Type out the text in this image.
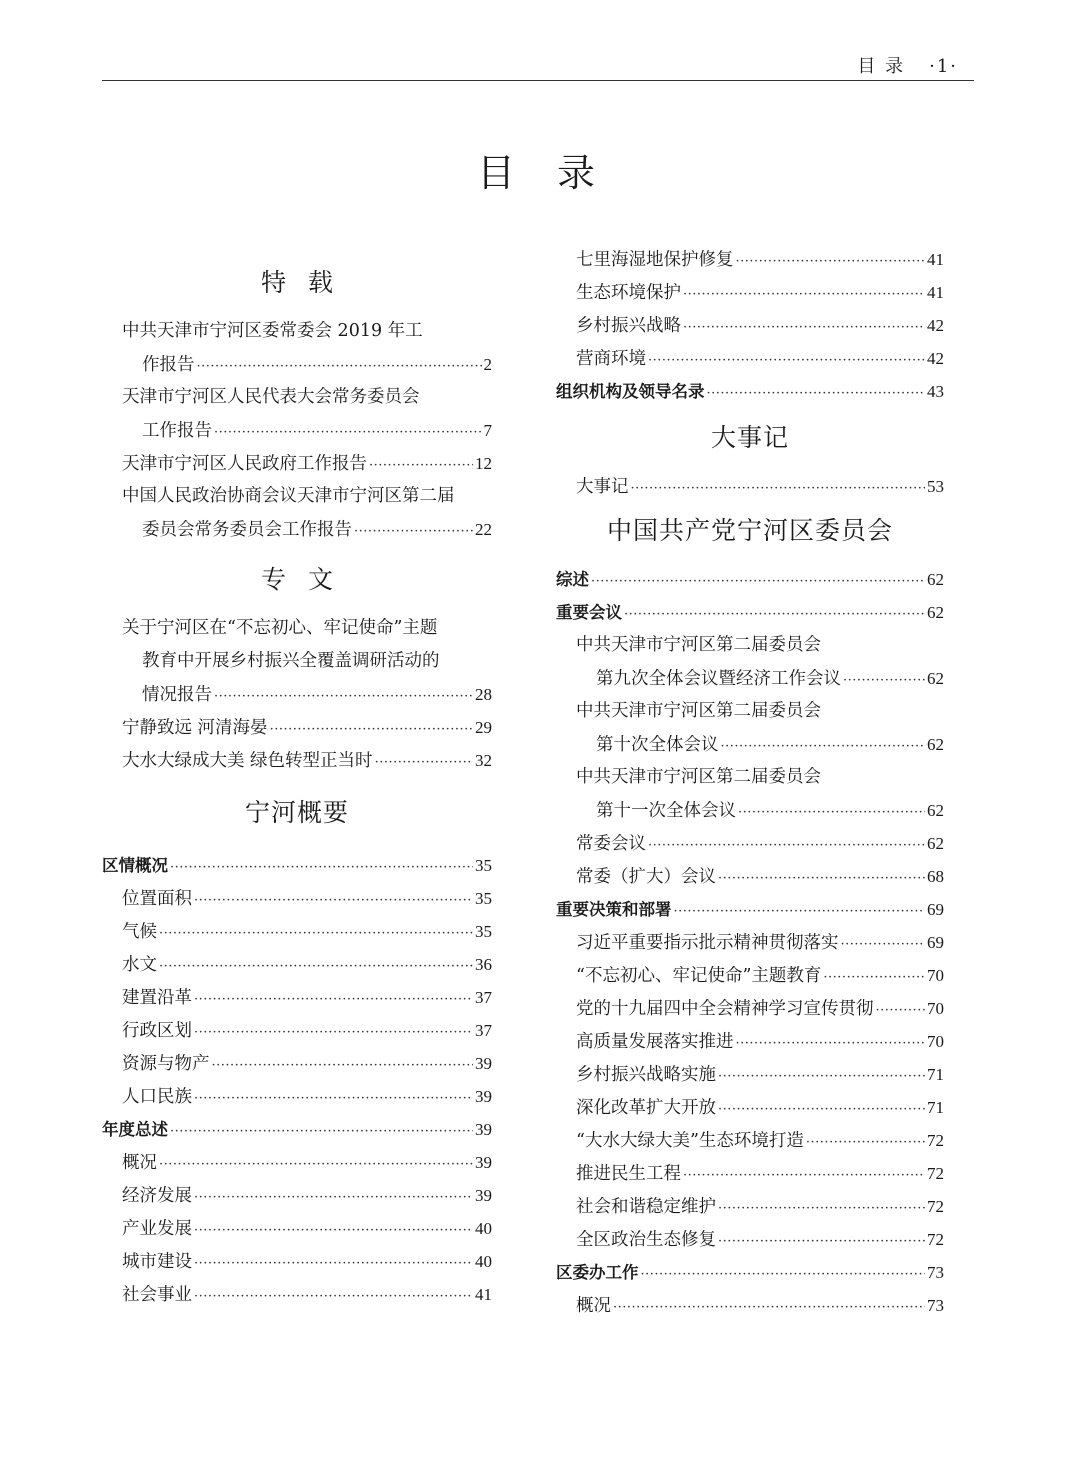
目 录 ·1·
目 录
特载
中共天津市宁河区委常委会 2019 年工
作报告 ·····	2
天津市宁河区人民代表大会常务委员会
工作报告 ·····	7
天津市宁河区人民政府工作报告 ·····	12
中国人民政治协商会议天津市宁河区第二届
委员会常务委员会工作报告 ·····	22
专文
关于宁河区在“不忘初心、牢记使命”主题
教育中开展乡村振兴全覆盖调研活动的
情况报告 ·····	28
宁静致远 河清海晏 ·····	29
大水大绿成大美 绿色转型正当时 ·····	32
宁河概要
区情概况 ·····	35
位置面积 ·····	35
气候 ·····	35
水文 ·····	36
建置沿革 ·····	37
行政区划 ·····	37
资源与物产 ·····	39
人口民族 ·····	39
年度总述 ·····	39
概况 ·····	39
经济发展 ·····	39
产业发展 ·····	40
城市建设 ·····	40
社会事业 ·····	41
七里海湿地保护修复 ·····	41
生态环境保护 ·····	41
乡村振兴战略 ·····	42
营商环境 ·····	42
组织机构及领导名录 ·····	43
大事记
大事记 ·····	53
中国共产党宁河区委员会
综述 ·····	62
重要会议 ·····	62
中共天津市宁河区第二届委员会
第九次全体会议暨经济工作会议 ·····	62
中共天津市宁河区第二届委员会
第十次全体会议 ·····	62
中共天津市宁河区第二届委员会
第十一次全体会议 ·····	62
常委会议 ·····	62
常委（扩大）会议 ·····	68
重要决策和部署 ·····	69
习近平重要指示批示精神贯彻落实 ·····	69
“不忘初心、牢记使命”主题教育 ·····	70
党的十九届四中全会精神学习宣传贯彻 ·····	70
高质量发展落实推进 ·····	70
乡村振兴战略实施 ·····	71
深化改革扩大开放 ·····	71
“大水大绿大美”生态环境打造 ·····	72
推进民生工程 ·····	72
社会和谐稳定维护 ·····	72
全区政治生态修复 ·····	72
区委办工作 ·····	73
概况 ·····	73
